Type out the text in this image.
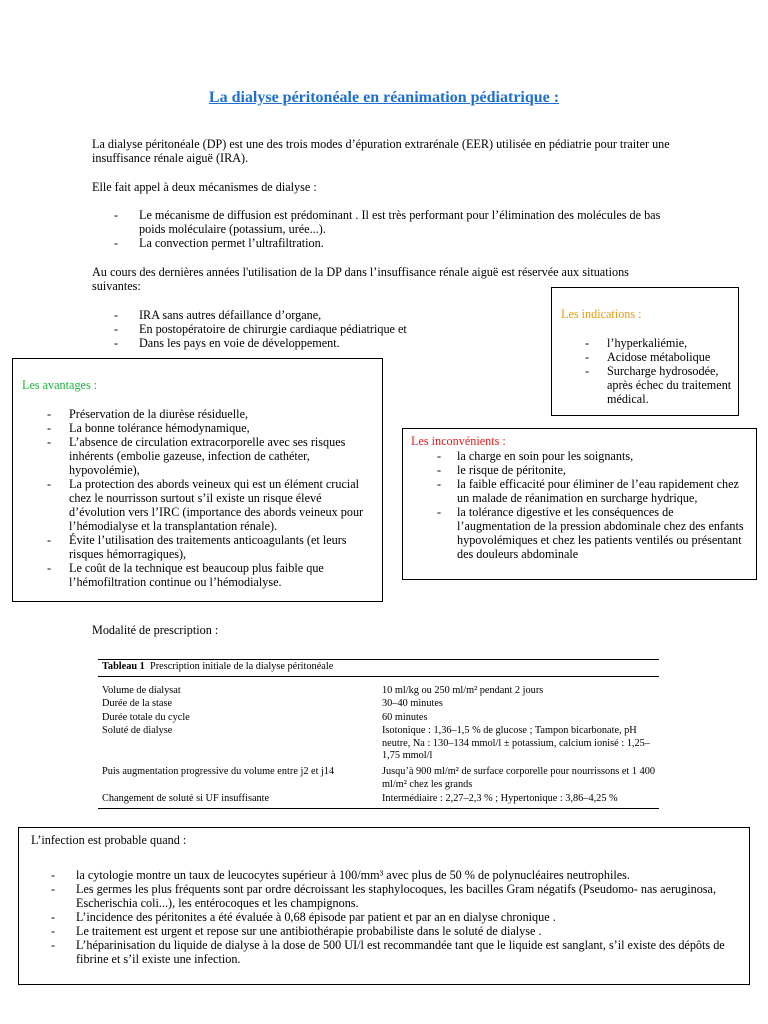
La dialyse péritonéale en réanimation pédiatrique :

La dialyse péritonéale (DP) est une des trois modes d’épuration extrarénale (EER) utilisée en pédiatrie pour traiter une insuffisance rénale aiguë (IRA).

Elle fait appel à deux mécanismes de dialyse :

- Le mécanisme de diffusion est prédominant . Il est très performant pour l’élimination des molécules de bas poids moléculaire (potassium, urée...).
- La convection permet l’ultrafiltration.

Au cours des dernières années l'utilisation de la DP dans l’insuffisance rénale aiguë est réservée aux situations suivantes:

- IRA sans autres défaillance d’organe,
- En postopératoire de chirurgie cardiaque pédiatrique et
- Dans les pays en voie de développement.
Les indications :
- l’hyperkaliémie,
- Acidose métabolique
- Surcharge hydrosodée, après échec du traitement médical.
Les avantages :
- Préservation de la diurèse résiduelle,
- La bonne tolérance hémodynamique,
- L’absence de circulation extracorporelle avec ses risques inhérents (embolie gazeuse, infection de cathéter, hypovolémie),
- La protection des abords veineux qui est un élément crucial chez le nourrisson surtout s’il existe un risque élevé d’évolution vers l’IRC (importance des abords veineux pour l’hémodialyse et la transplantation rénale).
- Évite l’utilisation des traitements anticoagulants (et leurs risques hémorragiques),
- Le coût de la technique est beaucoup plus faible que l’hémofiltration continue ou l’hémodialyse.
Les inconvénients :
- la charge en soin pour les soignants,
- le risque de péritonite,
- la faible efficacité pour éliminer de l’eau rapidement chez un malade de réanimation en surcharge hydrique,
- la tolérance digestive et les conséquences de l’augmentation de la pression abdominale chez des enfants hypovolémiques et chez les patients ventilés ou présentant des douleurs abdominale

Modalité de prescription :

Tableau 1 Prescription initiale de la dialyse péritonéale
Volume de dialysat	10 ml/kg ou 250 ml/m² pendant 2 jours
Durée de la stase	30–40 minutes
Durée totale du cycle	60 minutes
Soluté de dialyse	Isotonique : 1,36–1,5 % de glucose ; Tampon bicarbonate, pH neutre, Na : 130–134 mmol/l ± potassium, calcium ionisé : 1,25–1,75 mmol/l
Puis augmentation progressive du volume entre j2 et j14	Jusqu’à 900 ml/m² de surface corporelle pour nourrissons et 1 400 ml/m² chez les grands
Changement de soluté si UF insuffisante	Intermédiaire : 2,27–2,3 % ; Hypertonique : 3,86–4,25 %
L’infection est probable quand :
- la cytologie montre un taux de leucocytes supérieur à 100/mm³ avec plus de 50 % de polynucléaires neutrophiles.
- Les germes les plus fréquents sont par ordre décroissant les staphylocoques, les bacilles Gram négatifs (Pseudomo- nas aeruginosa, Escherischia coli...), les entérocoques et les champignons.
- L’incidence des péritonites a été évaluée à 0,68 épisode par patient et par an en dialyse chronique .
- Le traitement est urgent et repose sur une antibiothérapie probabiliste dans le soluté de dialyse .
- L’héparinisation du liquide de dialyse à la dose de 500 UI/l est recommandée tant que le liquide est sanglant, s’il existe des dépôts de fibrine et s’il existe une infection.
